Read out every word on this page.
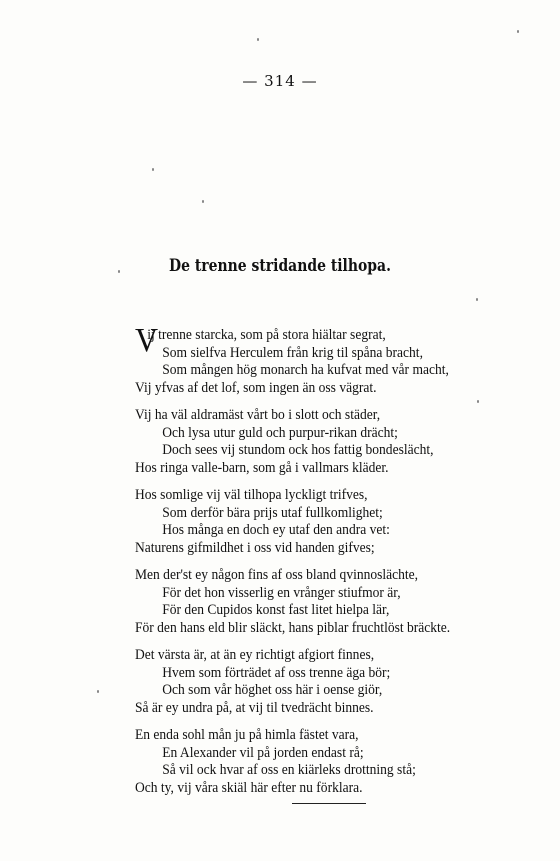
— 314 —
De trenne stridande tilhopa.
V
ij trenne starcka, som på stora hiältar segrat,
Som sielfva Herculem från krig til spåna bracht,
Som mången hög monarch ha kufvat med vår macht,
Vij yfvas af det lof, som ingen än oss vägrat.
Vij ha väl aldramäst vårt bo i slott och städer,
Och lysa utur guld och purpur-rikan drächt;
Doch sees vij stundom ock hos fattig bondeslächt,
Hos ringa valle-barn, som gå i vallmars kläder.
Hos somlige vij väl tilhopa lyckligt trifves,
Som derför bära prijs utaf fullkomlighet;
Hos många en doch ey utaf den andra vet:
Naturens gifmildhet i oss vid handen gifves;
Men der'st ey någon fins af oss bland qvinnoslächte,
För det hon visserlig en vrånger stiufmor är,
För den Cupidos konst fast litet hielpa lär,
För den hans eld blir släckt, hans piblar fruchtlöst bräckte.
Det värsta är, at än ey richtigt afgiort finnes,
Hvem som förträdet af oss trenne äga bör;
Och som vår höghet oss här i oense giör,
Så är ey undra på, at vij til tvedrächt binnes.
En enda sohl mån ju på himla fästet vara,
En Alexander vil på jorden endast rå;
Så vil ock hvar af oss en kiärleks drottning stå;
Och ty, vij våra skiäl här efter nu förklara.
